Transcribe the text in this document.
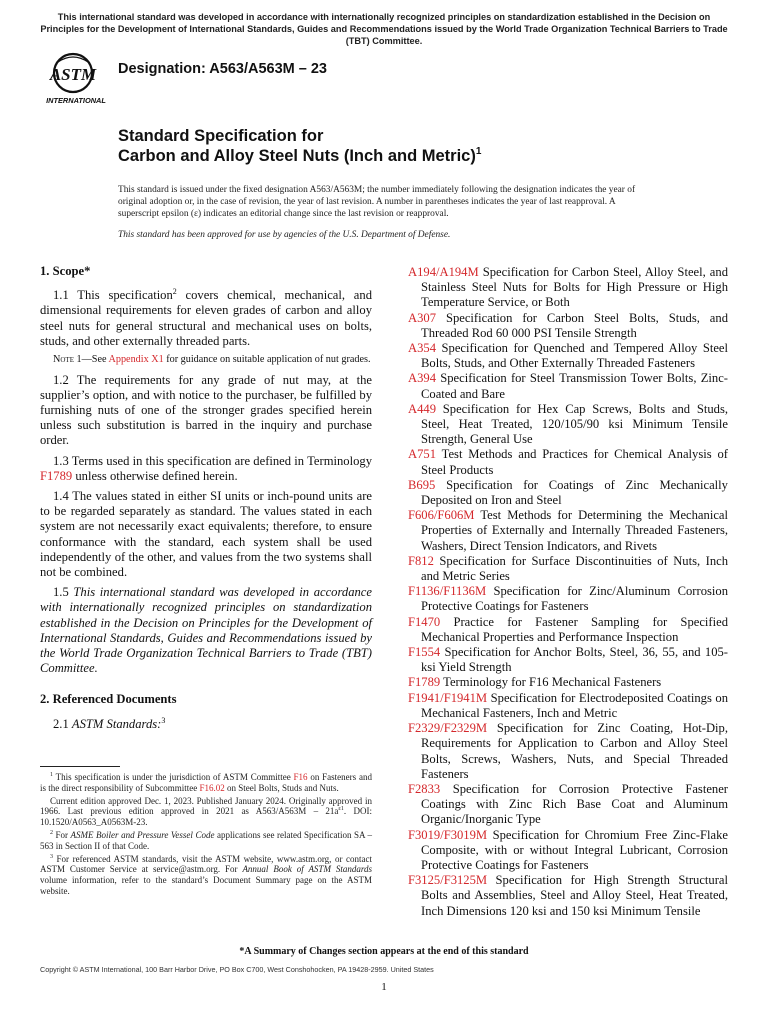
This international standard was developed in accordance with internationally recognized principles on standardization established in the Decision on Principles for the Development of International Standards, Guides and Recommendations issued by the World Trade Organization Technical Barriers to Trade (TBT) Committee.
ASTM
INTERNATIONAL
Designation: A563/A563M – 23
Standard Specification for
Carbon and Alloy Steel Nuts (Inch and Metric)$^1$
This standard is issued under the fixed designation A563/A563M; the number immediately following the designation indicates the year of original adoption or, in the case of revision, the year of last revision. A number in parentheses indicates the year of last reapproval. A superscript epsilon (ε) indicates an editorial change since the last revision or reapproval.
This standard has been approved for use by agencies of the U.S. Department of Defense.
1. Scope*

1.1 This specification$^2$ covers chemical, mechanical, and dimensional requirements for eleven grades of carbon and alloy steel nuts for general structural and mechanical uses on bolts, studs, and other externally threaded parts.

Note 1—See Appendix X1 for guidance on suitable application of nut grades.

1.2 The requirements for any grade of nut may, at the supplier’s option, and with notice to the purchaser, be fulfilled by furnishing nuts of one of the stronger grades specified herein unless such substitution is barred in the inquiry and purchase order.

1.3 Terms used in this specification are defined in Terminology F1789 unless otherwise defined herein.

1.4 The values stated in either SI units or inch-pound units are to be regarded separately as standard. The values stated in each system are not necessarily exact equivalents; therefore, to ensure conformance with the standard, each system shall be used independently of the other, and values from the two systems shall not be combined.

1.5 This international standard was developed in accordance with internationally recognized principles on standardization established in the Decision on Principles for the Development of International Standards, Guides and Recommendations issued by the World Trade Organization Technical Barriers to Trade (TBT) Committee.

2. Referenced Documents

2.1 ASTM Standards:$^3$

$^1$ This specification is under the jurisdiction of ASTM Committee F16 on Fasteners and is the direct responsibility of Subcommittee F16.02 on Steel Bolts, Studs and Nuts.

Current edition approved Dec. 1, 2023. Published January 2024. Originally approved in 1966. Last previous edition approved in 2021 as $A563/A563M - 21a^{\varepsilon 1}$. DOI: 10.1520/A0563_A0563M-23.

$^2$ For ASME Boiler and Pressure Vessel Code applications see related Specification SA – 563 in Section II of that Code.

$^3$ For referenced ASTM standards, visit the ASTM website, www.astm.org, or contact ASTM Customer Service at service@astm.org. For Annual Book of ASTM Standards volume information, refer to the standard’s Document Summary page on the ASTM website.

A194/A194M Specification for Carbon Steel, Alloy Steel, and Stainless Steel Nuts for Bolts for High Pressure or High Temperature Service, or Both

A307 Specification for Carbon Steel Bolts, Studs, and Threaded Rod 60 000 PSI Tensile Strength

A354 Specification for Quenched and Tempered Alloy Steel Bolts, Studs, and Other Externally Threaded Fasteners

A394 Specification for Steel Transmission Tower Bolts, Zinc-Coated and Bare

A449 Specification for Hex Cap Screws, Bolts and Studs, Steel, Heat Treated, 120/105/90 ksi Minimum Tensile Strength, General Use

A751 Test Methods and Practices for Chemical Analysis of Steel Products

B695 Specification for Coatings of Zinc Mechanically Deposited on Iron and Steel

F606/F606M Test Methods for Determining the Mechanical Properties of Externally and Internally Threaded Fasteners, Washers, Direct Tension Indicators, and Rivets

F812 Specification for Surface Discontinuities of Nuts, Inch and Metric Series

F1136/F1136M Specification for Zinc/Aluminum Corrosion Protective Coatings for Fasteners

F1470 Practice for Fastener Sampling for Specified Mechanical Properties and Performance Inspection

F1554 Specification for Anchor Bolts, Steel, 36, 55, and 105-ksi Yield Strength

F1789 Terminology for F16 Mechanical Fasteners

F1941/F1941M Specification for Electrodeposited Coatings on Mechanical Fasteners, Inch and Metric

F2329/F2329M Specification for Zinc Coating, Hot-Dip, Requirements for Application to Carbon and Alloy Steel Bolts, Screws, Washers, Nuts, and Special Threaded Fasteners

F2833 Specification for Corrosion Protective Fastener Coatings with Zinc Rich Base Coat and Aluminum Organic/Inorganic Type

F3019/F3019M Specification for Chromium Free Zinc-Flake Composite, with or without Integral Lubricant, Corrosion Protective Coatings for Fasteners

F3125/F3125M Specification for High Strength Structural Bolts and Assemblies, Steel and Alloy Steel, Heat Treated, Inch Dimensions 120 ksi and 150 ksi Minimum Tensile

*A Summary of Changes section appears at the end of this standard
Copyright © ASTM International, 100 Barr Harbor Drive, PO Box C700, West Conshohocken, PA 19428-2959. United States
1
